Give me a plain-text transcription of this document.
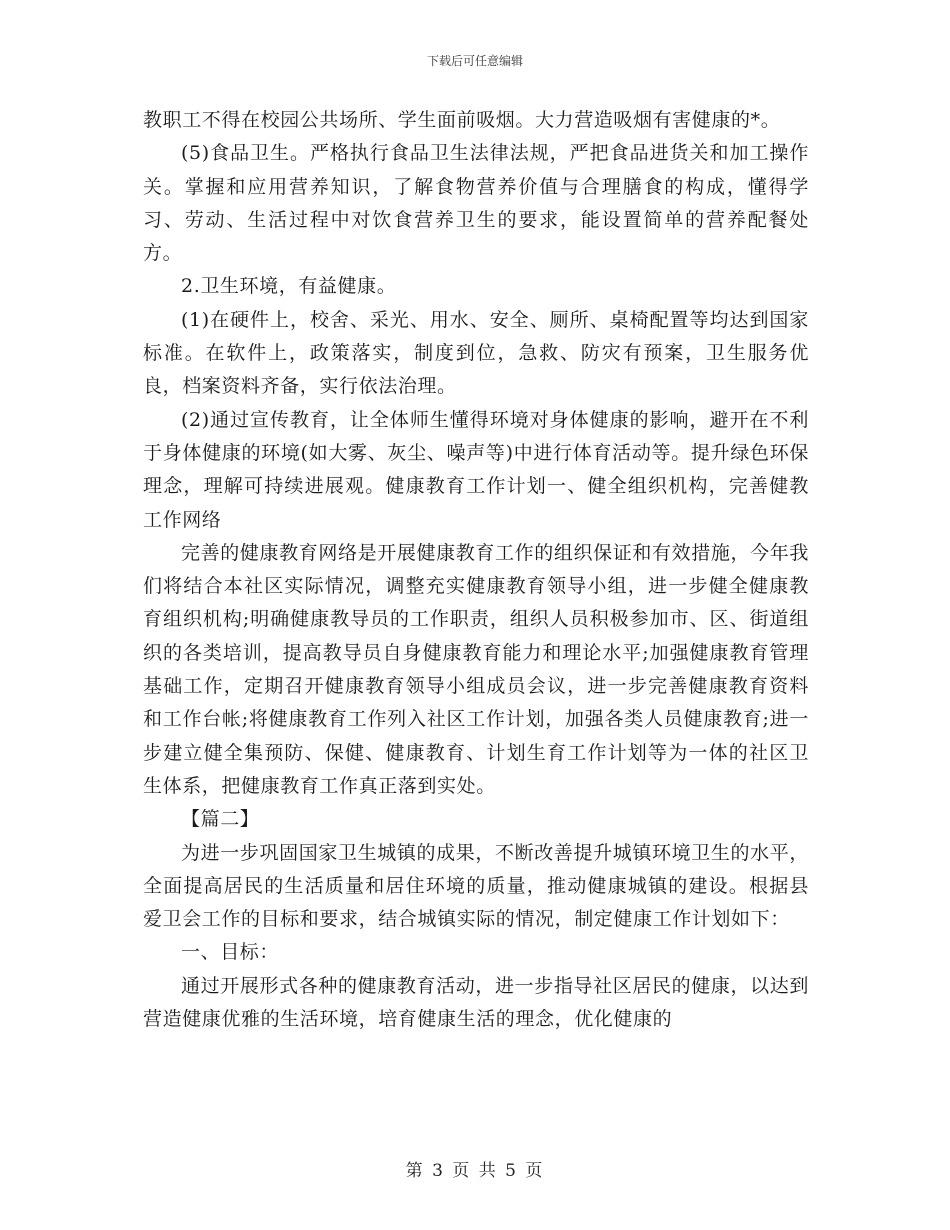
下载后可任意编辑

教职工不得在校园公共场所、学生面前吸烟。大力营造吸烟有害健康的*。

(5)食品卫生。严格执行食品卫生法律法规，严把食品进货关和加工操作关。掌握和应用营养知识，了解食物营养价值与合理膳食的构成，懂得学习、劳动、生活过程中对饮食营养卫生的要求，能设置简单的营养配餐处方。

2.卫生环境，有益健康。

(1)在硬件上，校舍、采光、用水、安全、厕所、桌椅配置等均达到国家标准。在软件上，政策落实，制度到位，急救、防灾有预案，卫生服务优良，档案资料齐备，实行依法治理。

(2)通过宣传教育，让全体师生懂得环境对身体健康的影响，避开在不利于身体健康的环境(如大雾、灰尘、噪声等)中进行体育活动等。提升绿色环保理念，理解可持续进展观。健康教育工作计划一、健全组织机构，完善健教工作网络

完善的健康教育网络是开展健康教育工作的组织保证和有效措施，今年我们将结合本社区实际情况，调整充实健康教育领导小组，进一步健全健康教育组织机构;明确健康教导员的工作职责，组织人员积极参加市、区、街道组织的各类培训，提高教导员自身健康教育能力和理论水平;加强健康教育管理基础工作，定期召开健康教育领导小组成员会议，进一步完善健康教育资料和工作台帐;将健康教育工作列入社区工作计划，加强各类人员健康教育;进一步建立健全集预防、保健、健康教育、计划生育工作计划等为一体的社区卫生体系，把健康教育工作真正落到实处。

【篇二】

为进一步巩固国家卫生城镇的成果，不断改善提升城镇环境卫生的水平，全面提高居民的生活质量和居住环境的质量，推动健康城镇的建设。根据县爱卫会工作的目标和要求，结合城镇实际的情况，制定健康工作计划如下：

一、目标：

通过开展形式各种的健康教育活动，进一步指导社区居民的健康，以达到营造健康优雅的生活环境，培育健康生活的理念，优化健康的

第 3 页 共 5 页
